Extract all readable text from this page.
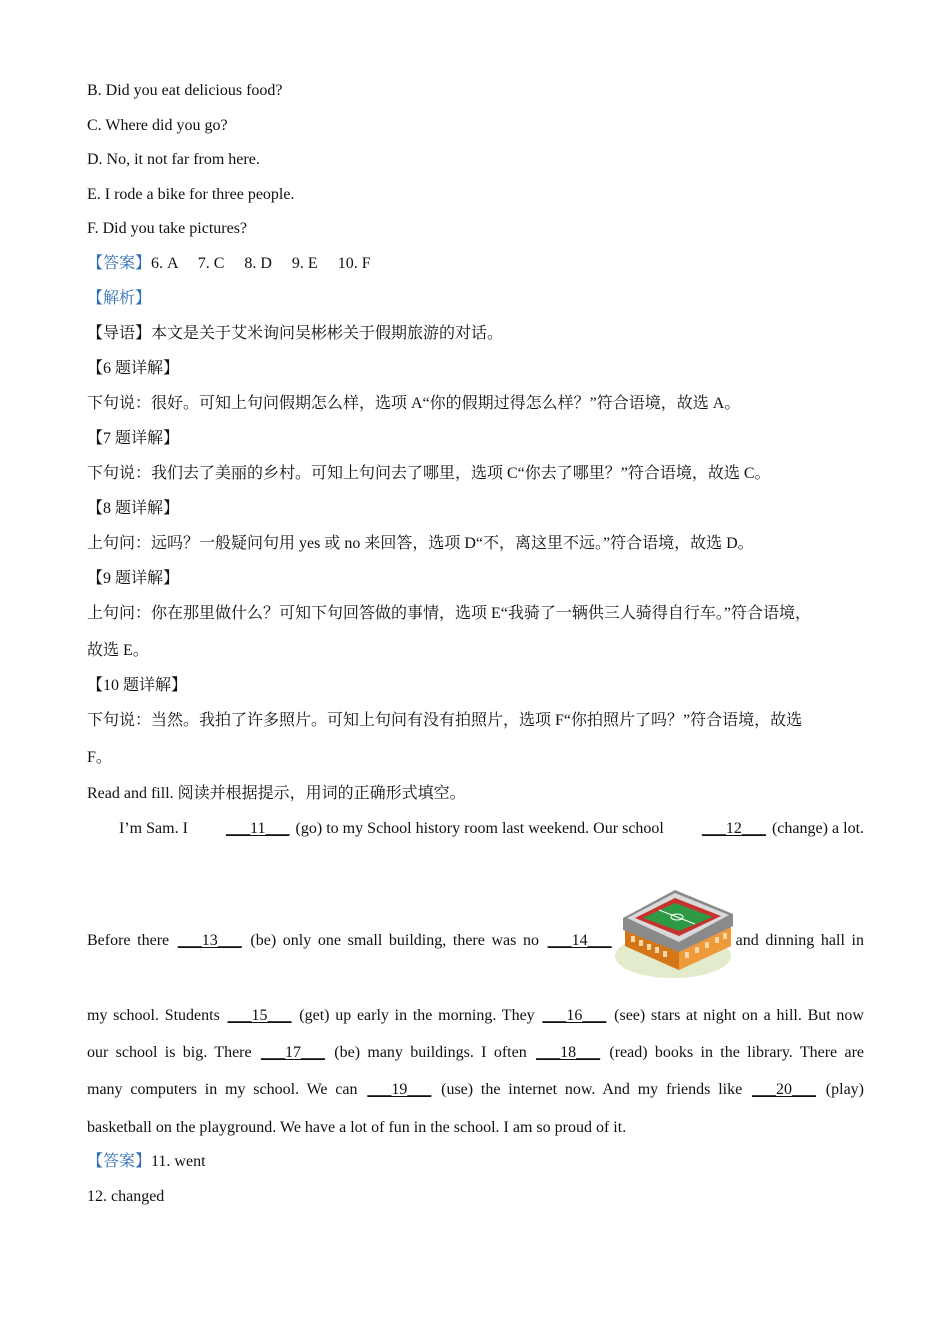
B. Did you eat delicious food?
C. Where did you go?
D. No, it not far from here.
E. I rode a bike for three people.
F. Did you take pictures?
【答案】6. A　 7. C　 8. D　 9. E　 10. F
【解析】
【导语】本文是关于艾米询问吴彬彬关于假期旅游的对话。
【6 题详解】
下句说：很好。可知上句问假期怎么样，选项 A“你的假期过得怎么样？”符合语境，故选 A。
【7 题详解】
下句说：我们去了美丽的乡村。可知上句问去了哪里，选项 C“你去了哪里？”符合语境，故选 C。
【8 题详解】
上句问：远吗？一般疑问句用 yes 或 no 来回答，选项 D“不，离这里不远。”符合语境，故选 D。
【9 题详解】
上句问：你在那里做什么？可知下句回答做的事情，选项 E“我骑了一辆供三人骑得自行车。”符合语境，
故选 E。
【10 题详解】
下句说：当然。我拍了许多照片。可知上句问有没有拍照片，选项 F“你拍照片了吗？”符合语境，故选
F。
Read and fill. 阅读并根据提示，用词的正确形式填空。
I’m Sam. I ___11___ (go) to my School history room last weekend. Our school ___12___ (change) a lot.
Before there ___13___ (be) only one small building, there was no ___14___	and dinning hall in
my school. Students ___15___ (get) up early in the morning. They ___16___ (see) stars at night on a hill. But now
our school is big. There ___17___ (be) many buildings. I often ___18___ (read) books in the library. There are
many computers in my school. We can ___19___ (use) the internet now. And my friends like ___20___ (play)
basketball on the playground. We have a lot of fun in the school. I am so proud of it.
【答案】11. went
12. changed
